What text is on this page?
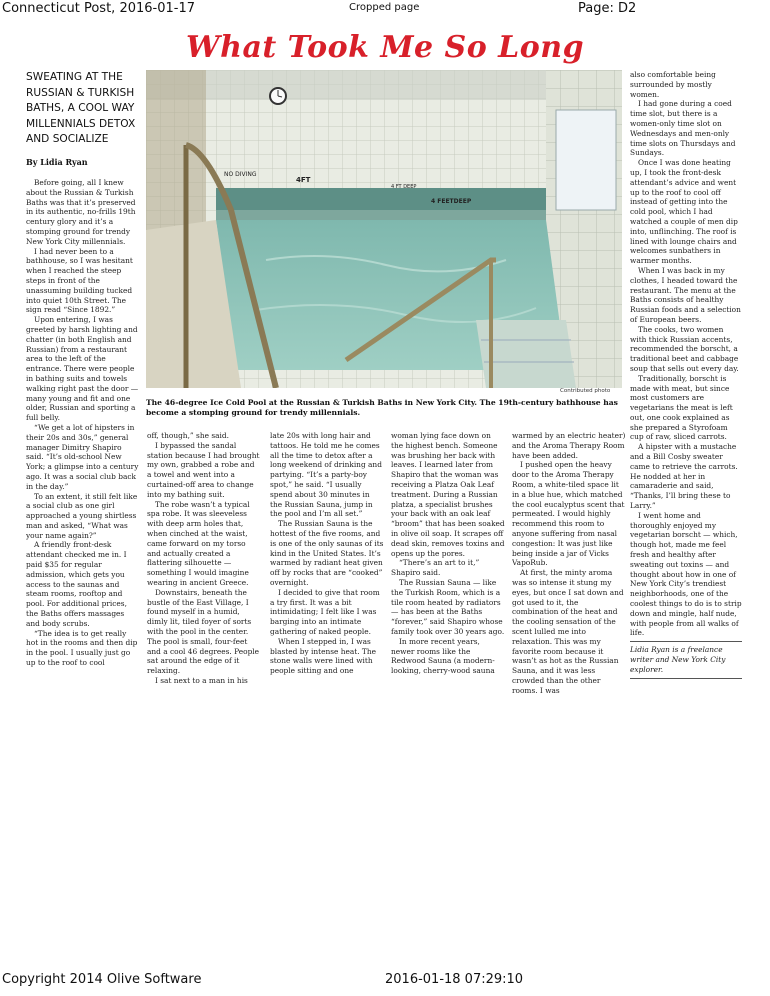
Connecticut Post, 2016-01-17	Cropped page	Page: D2
What Took Me So Long
SWEATING AT THE RUSSIAN & TURKISH BATHS, A COOL WAY MILLENNIALS DETOX AND SOCIALIZE
By Lidia Ryan
NO DIVING
4FT
4 FT DEEP
4 FEETDEEP
Contributed photo
The 46-degree Ice Cold Pool at the Russian & Turkish Baths in New York City. The 19th-century bathhouse has become a stomping ground for trendy millennials.

Before going, all I knew about the Russian & Turkish Baths was that it’s preserved in its authentic, no-frills 19th century glory and it’s a stomping ground for trendy New York City millennials.

I had never been to a bathhouse, so I was hesitant when I reached the steep steps in front of the unassuming building tucked into quiet 10th Street. The sign read “Since 1892.”

Upon entering, I was greeted by harsh lighting and chatter (in both English and Russian) from a restaurant area to the left of the entrance. There were people in bathing suits and towels walking right past the door — many young and fit and one older, Russian and sporting a full belly.

“We get a lot of hipsters in their 20s and 30s,” general manager Dimitry Shapiro said. “It’s old-school New York; a glimpse into a century ago. It was a social club back in the day.”

To an extent, it still felt like a social club as one girl approached a young shirtless man and asked, “What was your name again?”

A friendly front-desk attendant checked me in. I paid $35 for regular admission, which gets you access to the saunas and steam rooms, rooftop and pool. For additional prices, the Baths offers massages and body scrubs.

“The idea is to get really hot in the rooms and then dip in the pool. I usually just go up to the roof to cool

off, though,” she said.

I bypassed the sandal station because I had brought my own, grabbed a robe and a towel and went into a curtained-off area to change into my bathing suit.

The robe wasn’t a typical spa robe. It was sleeveless with deep arm holes that, when cinched at the waist, came forward on my torso and actually created a flattering silhouette — something I would imagine wearing in ancient Greece.

Downstairs, beneath the bustle of the East Village, I found myself in a humid, dimly lit, tiled foyer of sorts with the pool in the center. The pool is small, four-feet and a cool 46 degrees. People sat around the edge of it relaxing.

I sat next to a man in his

late 20s with long hair and tattoos. He told me he comes all the time to detox after a long weekend of drinking and partying. “It’s a party-boy spot,” he said. “I usually spend about 30 minutes in the Russian Sauna, jump in the pool and I’m all set.”

The Russian Sauna is the hottest of the five rooms, and is one of the only saunas of its kind in the United States. It’s warmed by radiant heat given off by rocks that are “cooked” overnight.

I decided to give that room a try first. It was a bit intimidating; I felt like I was barging into an intimate gathering of naked people.

When I stepped in, I was blasted by intense heat. The stone walls were lined with people sitting and one

woman lying face down on the highest bench. Someone was brushing her back with leaves. I learned later from Shapiro that the woman was receiving a Platza Oak Leaf treatment. During a Russian platza, a specialist brushes your back with an oak leaf “broom” that has been soaked in olive oil soap. It scrapes off dead skin, removes toxins and opens up the pores.

“There’s an art to it,” Shapiro said.

The Russian Sauna — like the Turkish Room, which is a tile room heated by radiators — has been at the Baths “forever,” said Shapiro whose family took over 30 years ago.

In more recent years, newer rooms like the Redwood Sauna (a modern-looking, cherry-wood sauna

warmed by an electric heater) and the Aroma Therapy Room have been added.

I pushed open the heavy door to the Aroma Therapy Room, a white-tiled space lit in a blue hue, which matched the cool eucalyptus scent that permeated. I would highly recommend this room to anyone suffering from nasal congestion: It was just like being inside a jar of Vicks VapoRub.

At first, the minty aroma was so intense it stung my eyes, but once I sat down and got used to it, the combination of the heat and the cooling sensation of the scent lulled me into relaxation. This was my favorite room because it wasn’t as hot as the Russian Sauna, and it was less crowded than the other rooms. I was

also comfortable being surrounded by mostly women.

I had gone during a coed time slot, but there is a women-only time slot on Wednesdays and men-only time slots on Thursdays and Sundays.

Once I was done heating up, I took the front-desk attendant’s advice and went up to the roof to cool off instead of getting into the cold pool, which I had watched a couple of men dip into, unflinching. The roof is lined with lounge chairs and welcomes sunbathers in warmer months.

When I was back in my clothes, I headed toward the restaurant. The menu at the Baths consists of healthy Russian foods and a selection of European beers.

The cooks, two women with thick Russian accents, recommended the borscht, a traditional beet and cabbage soup that sells out every day.

Traditionally, borscht is made with meat, but since most customers are vegetarians the meat is left out, one cook explained as she prepared a Styrofoam cup of raw, sliced carrots.

A hipster with a mustache and a Bill Cosby sweater came to retrieve the carrots. He nodded at her in camaraderie and said, “Thanks, I’ll bring these to Larry.”

I went home and thoroughly enjoyed my vegetarian borscht — which, though hot, made me feel fresh and healthy after sweating out toxins — and thought about how in one of New York City’s trendiest neighborhoods, one of the coolest things to do is to strip down and mingle, half nude, with people from all walks of life.

Lidia Ryan is a freelance writer and New York City explorer.

Copyright 2014 Olive Software	2016-01-18 07:29:10
